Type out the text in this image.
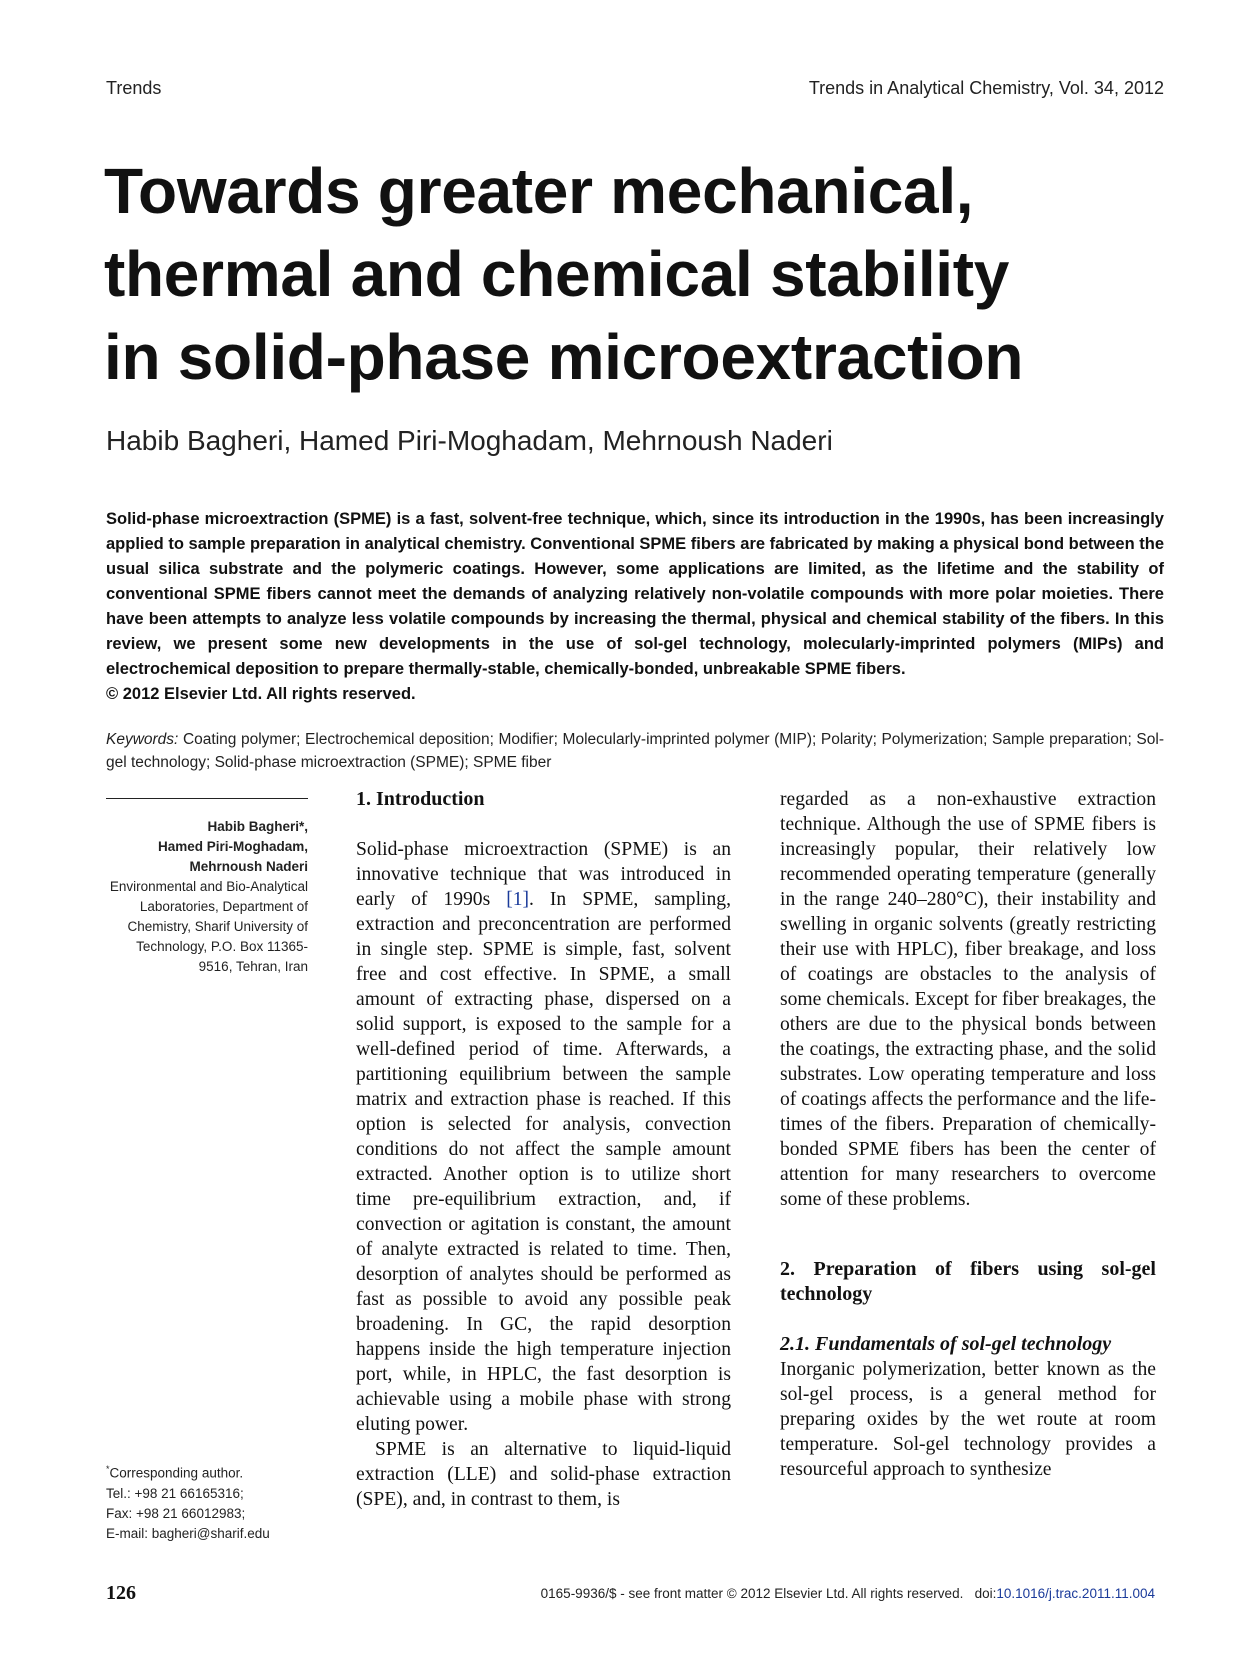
Trends	Trends in Analytical Chemistry, Vol. 34, 2012
Towards greater mechanical,
thermal and chemical stability
in solid-phase microextraction
Habib Bagheri, Hamed Piri-Moghadam, Mehrnoush Naderi
Solid-phase microextraction (SPME) is a fast, solvent-free technique, which, since its introduction in the 1990s, has been increasingly applied to sample preparation in analytical chemistry. Conventional SPME fibers are fabricated by making a physical bond between the usual silica substrate and the polymeric coatings. However, some applications are limited, as the lifetime and the stability of conventional SPME fibers cannot meet the demands of analyzing relatively non-volatile compounds with more polar moieties. There have been attempts to analyze less volatile compounds by increasing the thermal, physical and chemical stability of the fibers. In this review, we present some new developments in the use of sol-gel technology, molecularly-imprinted polymers (MIPs) and electrochemical deposition to prepare thermally-stable, chemically-bonded, unbreakable SPME fibers.
© 2012 Elsevier Ltd. All rights reserved.
Keywords: Coating polymer; Electrochemical deposition; Modifier; Molecularly-imprinted polymer (MIP); Polarity; Polymerization; Sample preparation; Sol-gel technology; Solid-phase microextraction (SPME); SPME fiber
Habib Bagheri*,
Hamed Piri-Moghadam,
Mehrnoush Naderi
Environmental and Bio-Analytical Laboratories, Department of Chemistry, Sharif University of Technology, P.O. Box 11365-9516, Tehran, Iran
*Corresponding author.
Tel.: +98 21 66165316;
Fax: +98 21 66012983;
E-mail: bagheri@sharif.edu
1. Introduction

Solid-phase microextraction (SPME) is an innovative technique that was introduced in early of 1990s [1]. In SPME, sampling, extraction and preconcentration are performed in single step. SPME is simple, fast, solvent free and cost effective. In SPME, a small amount of extracting phase, dispersed on a solid support, is exposed to the sample for a well-defined period of time. Afterwards, a partitioning equilibrium between the sample matrix and extraction phase is reached. If this option is selected for analysis, convection conditions do not affect the sample amount extracted. Another option is to utilize short time pre-equilibrium extraction, and, if convection or agitation is constant, the amount of analyte extracted is related to time. Then, desorption of analytes should be performed as fast as possible to avoid any possible peak broadening. In GC, the rapid desorption happens inside the high temperature injection port, while, in HPLC, the fast desorption is achievable using a mobile phase with strong eluting power.

SPME is an alternative to liquid-liquid extraction (LLE) and solid-phase extraction (SPE), and, in contrast to them, is

regarded as a non-exhaustive extraction technique. Although the use of SPME fibers is increasingly popular, their relatively low recommended operating temperature (generally in the range 240–280°C), their instability and swelling in organic solvents (greatly restricting their use with HPLC), fiber breakage, and loss of coatings are obstacles to the analysis of some chemicals. Except for fiber breakages, the others are due to the physical bonds between the coatings, the extracting phase, and the solid substrates. Low operating temperature and loss of coatings affects the performance and the life-times of the fibers. Preparation of chemically-bonded SPME fibers has been the center of attention for many researchers to overcome some of these problems.

2. Preparation of fibers using sol-gel technology
2.1. Fundamentals of sol-gel technology

Inorganic polymerization, better known as the sol-gel process, is a general method for preparing oxides by the wet route at room temperature. Sol-gel technology provides a resourceful approach to synthesize

126	0165-9936/$ - see front matter © 2012 Elsevier Ltd. All rights reserved. doi:10.1016/j.trac.2011.11.004
